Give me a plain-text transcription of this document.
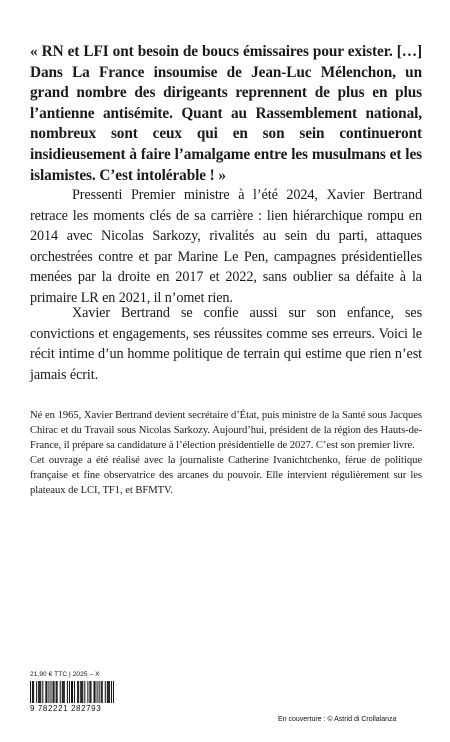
« RN et LFI ont besoin de boucs émissaires pour exister. […] Dans La France insoumise de Jean-Luc Mélenchon, un grand nombre des dirigeants reprennent de plus en plus l’antienne antisémite. Quant au Rassemblement national, nombreux sont ceux qui en son sein continueront insidieusement à faire l’amalgame entre les musulmans et les islamistes. C’est intolérable ! »
Pressenti Premier ministre à l’été 2024, Xavier Bertrand retrace les moments clés de sa carrière : lien hiérarchique rompu en 2014 avec Nicolas Sarkozy, rivalités au sein du parti, attaques orchestrées contre et par Marine Le Pen, campagnes présidentielles menées par la droite en 2017 et 2022, sans oublier sa défaite à la primaire LR en 2021, il n’omet rien.
Xavier Bertrand se confie aussi sur son enfance, ses convictions et engagements, ses réussites comme ses erreurs. Voici le récit intime d’un homme politique de terrain qui estime que rien n’est jamais écrit.

Né en 1965, Xavier Bertrand devient secrétaire d’État, puis ministre de la Santé sous Jacques Chirac et du Travail sous Nicolas Sarkozy. Aujourd’hui, président de la région des Hauts-de-France, il prépare sa candidature à l’élection présidentielle de 2027. C’est son premier livre.

Cet ouvrage a été réalisé avec la journaliste Catherine Ivanichtchenko, férue de politique française et fine observatrice des arcanes du pouvoir. Elle intervient régulièrement sur les plateaux de LCI, TF1, et BFMTV.

21,90 € TTC | 2025 – X
9 782221 282793
En couverture : © Astrid di Crollalanza
